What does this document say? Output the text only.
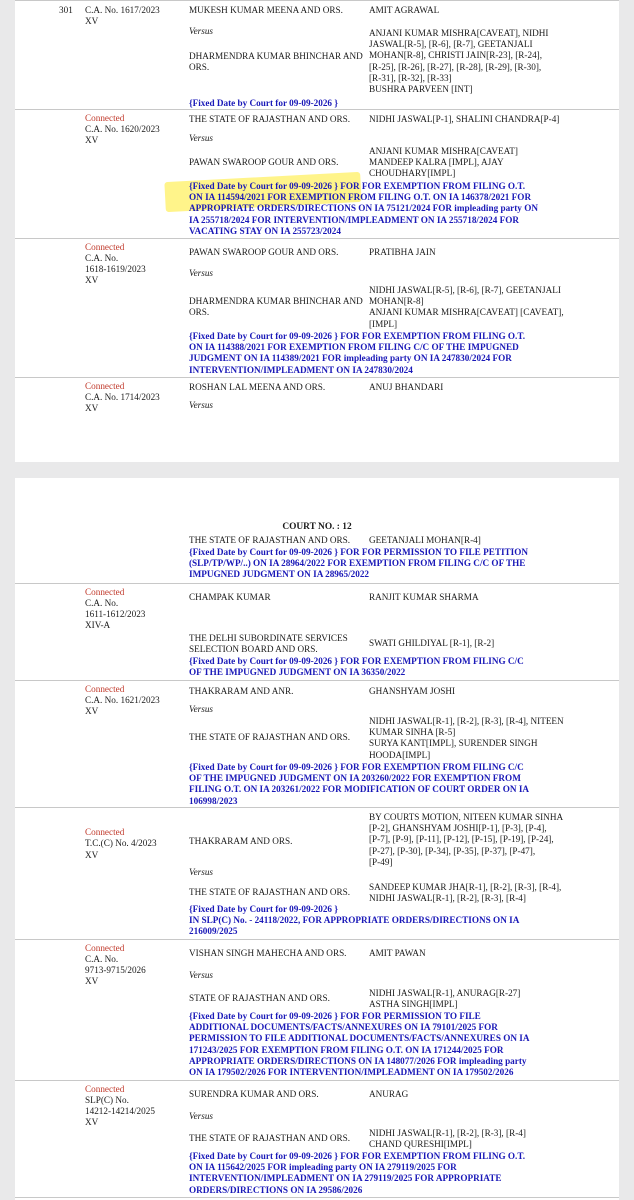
301 C.A. No. 1617/2023
XV
MUKESH KUMAR MEENA AND ORS.
Versus
DHARMENDRA KUMAR BHINCHAR AND
ORS.
AMIT AGRAWAL
ANJANI KUMAR MISHRA[CAVEAT], NIDHI
JASWAL[R-5], [R-6], [R-7], GEETANJALI
MOHAN[R-8], CHRISTI JAIN[R-23], [R-24],
[R-25], [R-26], [R-27], [R-28], [R-29], [R-30],
[R-31], [R-32], [R-33]
BUSHRA PARVEEN [INT]
{Fixed Date by Court for 09-09-2026 }
Connected
C.A. No. 1620/2023
XV
THE STATE OF RAJASTHAN AND ORS.
Versus
PAWAN SWAROOP GOUR AND ORS.
NIDHI JASWAL[P-1], SHALINI CHANDRA[P-4]
ANJANI KUMAR MISHRA[CAVEAT]
MANDEEP KALRA [IMPL], AJAY
CHOUDHARY[IMPL]
{Fixed Date by Court for 09-09-2026 } FOR FOR EXEMPTION FROM FILING O.T.
ON IA 114594/2021 FOR EXEMPTION FROM FILING O.T. ON IA 146378/2021 FOR
APPROPRIATE ORDERS/DIRECTIONS ON IA 75121/2024 FOR impleading party ON
IA 255718/2024 FOR INTERVENTION/IMPLEADMENT ON IA 255718/2024 FOR
VACATING STAY ON IA 255723/2024
Connected
C.A. No.
1618-1619/2023
XV
PAWAN SWAROOP GOUR AND ORS.
Versus
DHARMENDRA KUMAR BHINCHAR AND
ORS.
PRATIBHA JAIN
NIDHI JASWAL[R-5], [R-6], [R-7], GEETANJALI
MOHAN[R-8]
ANJANI KUMAR MISHRA[CAVEAT] [CAVEAT],
[IMPL]
{Fixed Date by Court for 09-09-2026 } FOR FOR EXEMPTION FROM FILING O.T.
ON IA 114388/2021 FOR EXEMPTION FROM FILING C/C OF THE IMPUGNED
JUDGMENT ON IA 114389/2021 FOR impleading party ON IA 247830/2024 FOR
INTERVENTION/IMPLEADMENT ON IA 247830/2024
Connected
C.A. No. 1714/2023
XV
ROSHAN LAL MEENA AND ORS.
Versus
ANUJ BHANDARI
COURT NO. : 12
THE STATE OF RAJASTHAN AND ORS. GEETANJALI MOHAN[R-4]
{Fixed Date by Court for 09-09-2026 } FOR FOR PERMISSION TO FILE PETITION
(SLP/TP/WP/..) ON IA 28964/2022 FOR EXEMPTION FROM FILING C/C OF THE
IMPUGNED JUDGMENT ON IA 28965/2022
Connected
C.A. No.
1611-1612/2023
XIV-A
CHAMPAK KUMAR
THE DELHI SUBORDINATE SERVICES
SELECTION BOARD AND ORS.
RANJIT KUMAR SHARMA
SWATI GHILDIYAL [R-1], [R-2]
{Fixed Date by Court for 09-09-2026 } FOR FOR EXEMPTION FROM FILING C/C
OF THE IMPUGNED JUDGMENT ON IA 36350/2022
Connected
C.A. No. 1621/2023
XV
THAKRARAM AND ANR.
Versus
THE STATE OF RAJASTHAN AND ORS.
GHANSHYAM JOSHI
NIDHI JASWAL[R-1], [R-2], [R-3], [R-4], NITEEN
KUMAR SINHA [R-5]
SURYA KANT[IMPL], SURENDER SINGH
HOODA[IMPL]
{Fixed Date by Court for 09-09-2026 } FOR FOR EXEMPTION FROM FILING C/C
OF THE IMPUGNED JUDGMENT ON IA 203260/2022 FOR EXEMPTION FROM
FILING O.T. ON IA 203261/2022 FOR MODIFICATION OF COURT ORDER ON IA
106998/2023
Connected
T.C.(C) No. 4/2023
XV
THAKRARAM AND ORS.
Versus
THE STATE OF RAJASTHAN AND ORS.
BY COURTS MOTION, NITEEN KUMAR SINHA
[P-2], GHANSHYAM JOSHI[P-1], [P-3], [P-4],
[P-7], [P-9], [P-11], [P-12], [P-15], [P-19], [P-24],
[P-27], [P-30], [P-34], [P-35], [P-37], [P-47],
[P-49]
SANDEEP KUMAR JHA[R-1], [R-2], [R-3], [R-4],
NIDHI JASWAL[R-1], [R-2], [R-3], [R-4]
{Fixed Date by Court for 09-09-2026 }
IN SLP(C) No. - 24118/2022, FOR APPROPRIATE ORDERS/DIRECTIONS ON IA
216009/2025
Connected
C.A. No.
9713-9715/2026
XV
VISHAN SINGH MAHECHA AND ORS.
Versus
STATE OF RAJASTHAN AND ORS.
AMIT PAWAN
NIDHI JASWAL[R-1], ANURAG[R-27]
ASTHA SINGH[IMPL]
{Fixed Date by Court for 09-09-2026 } FOR FOR PERMISSION TO FILE
ADDITIONAL DOCUMENTS/FACTS/ANNEXURES ON IA 79101/2025 FOR
PERMISSION TO FILE ADDITIONAL DOCUMENTS/FACTS/ANNEXURES ON IA
171243/2025 FOR EXEMPTION FROM FILING O.T. ON IA 171244/2025 FOR
APPROPRIATE ORDERS/DIRECTIONS ON IA 148077/2026 FOR impleading party
ON IA 179502/2026 FOR INTERVENTION/IMPLEADMENT ON IA 179502/2026
Connected
SLP(C) No.
14212-14214/2025
XV
SURENDRA KUMAR AND ORS.
Versus
THE STATE OF RAJASTHAN AND ORS.
ANURAG
NIDHI JASWAL[R-1], [R-2], [R-3], [R-4]
CHAND QURESHI[IMPL]
{Fixed Date by Court for 09-09-2026 } FOR FOR EXEMPTION FROM FILING O.T.
ON IA 115642/2025 FOR impleading party ON IA 279119/2025 FOR
INTERVENTION/IMPLEADMENT ON IA 279119/2025 FOR APPROPRIATE
ORDERS/DIRECTIONS ON IA 29586/2026
